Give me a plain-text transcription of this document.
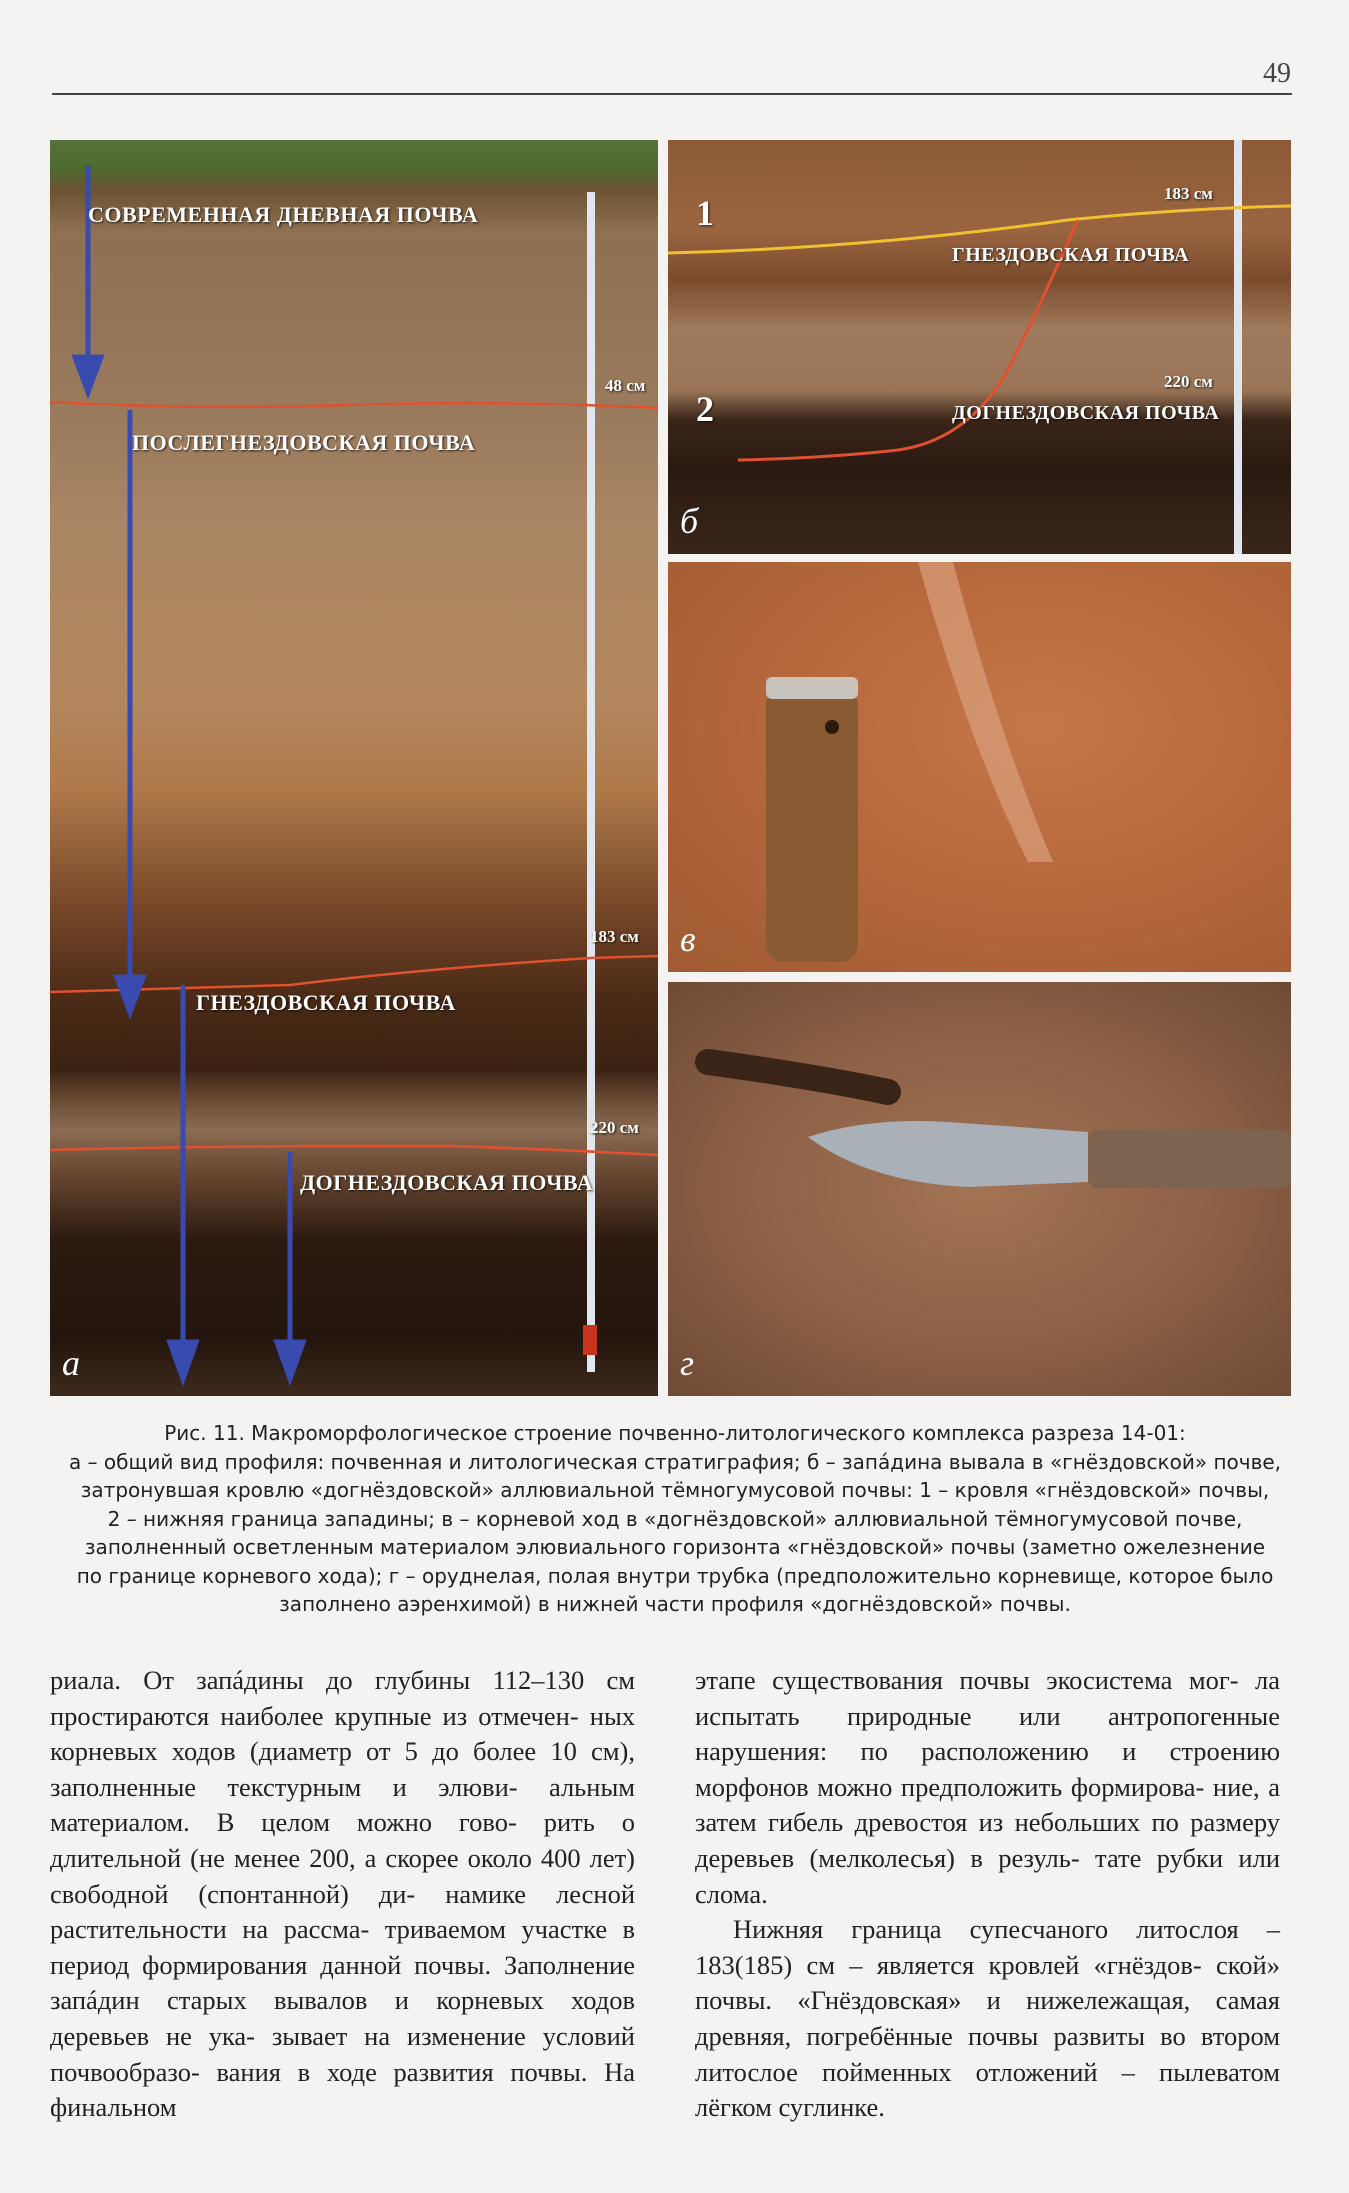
49
СОВРЕМЕННАЯ ДНЕВНАЯ ПОЧВА
ПОСЛЕГНЕЗДОВСКАЯ ПОЧВА
ГНЕЗДОВСКАЯ ПОЧВА
ДОГНЕЗДОВСКАЯ ПОЧВА
48 см
183 см
220 см
а
1
2
ГНЕЗДОВСКАЯ ПОЧВА
ДОГНЕЗДОВСКАЯ ПОЧВА
183 см
220 см
б
в
г
Рис. 11. Макроморфологическое строение почвенно-литологического комплекса разреза 14-01:
а – общий вид профиля: почвенная и литологическая стратиграфия; б – запáдина вывала в «гнёздовской» почве,
затронувшая кровлю «догнёздовской» аллювиальной тёмногумусовой почвы: 1 – кровля «гнёздовской» почвы,
2 – нижняя граница западины; в – корневой ход в «догнёздовской» аллювиальной тёмногумусовой почве,
заполненный осветленным материалом элювиального горизонта «гнёздовской» почвы (заметно ожелезнение
по границе корневого хода); г – оруднелая, полая внутри трубка (предположительно корневище, которое было
заполнено аэренхимой) в нижней части профиля «догнёздовской» почвы.

риала. От запáдины до глубины 112–130 см простираются наиболее крупные из отмечен- ных корневых ходов (диаметр от 5 до более 10 см), заполненные текстурным и элюви- альным материалом. В целом можно гово- рить о длительной (не менее 200, а скорее около 400 лет) свободной (спонтанной) ди- намике лесной растительности на рассма- триваемом участке в период формирования данной почвы. Заполнение запáдин старых вывалов и корневых ходов деревьев не ука- зывает на изменение условий почвообразо- вания в ходе развития почвы. На финальном

этапе существования почвы экосистема мог- ла испытать природные или антропогенные нарушения: по расположению и строению морфонов можно предположить формирова- ние, а затем гибель древостоя из небольших по размеру деревьев (мелколесья) в резуль- тате рубки или слома.

Нижняя граница супесчаного литослоя – 183(185) см – является кровлей «гнёздов- ской» почвы. «Гнёздовская» и нижележащая, самая древняя, погребённые почвы развиты во втором литослое пойменных отложений – пылеватом лёгком суглинке.
